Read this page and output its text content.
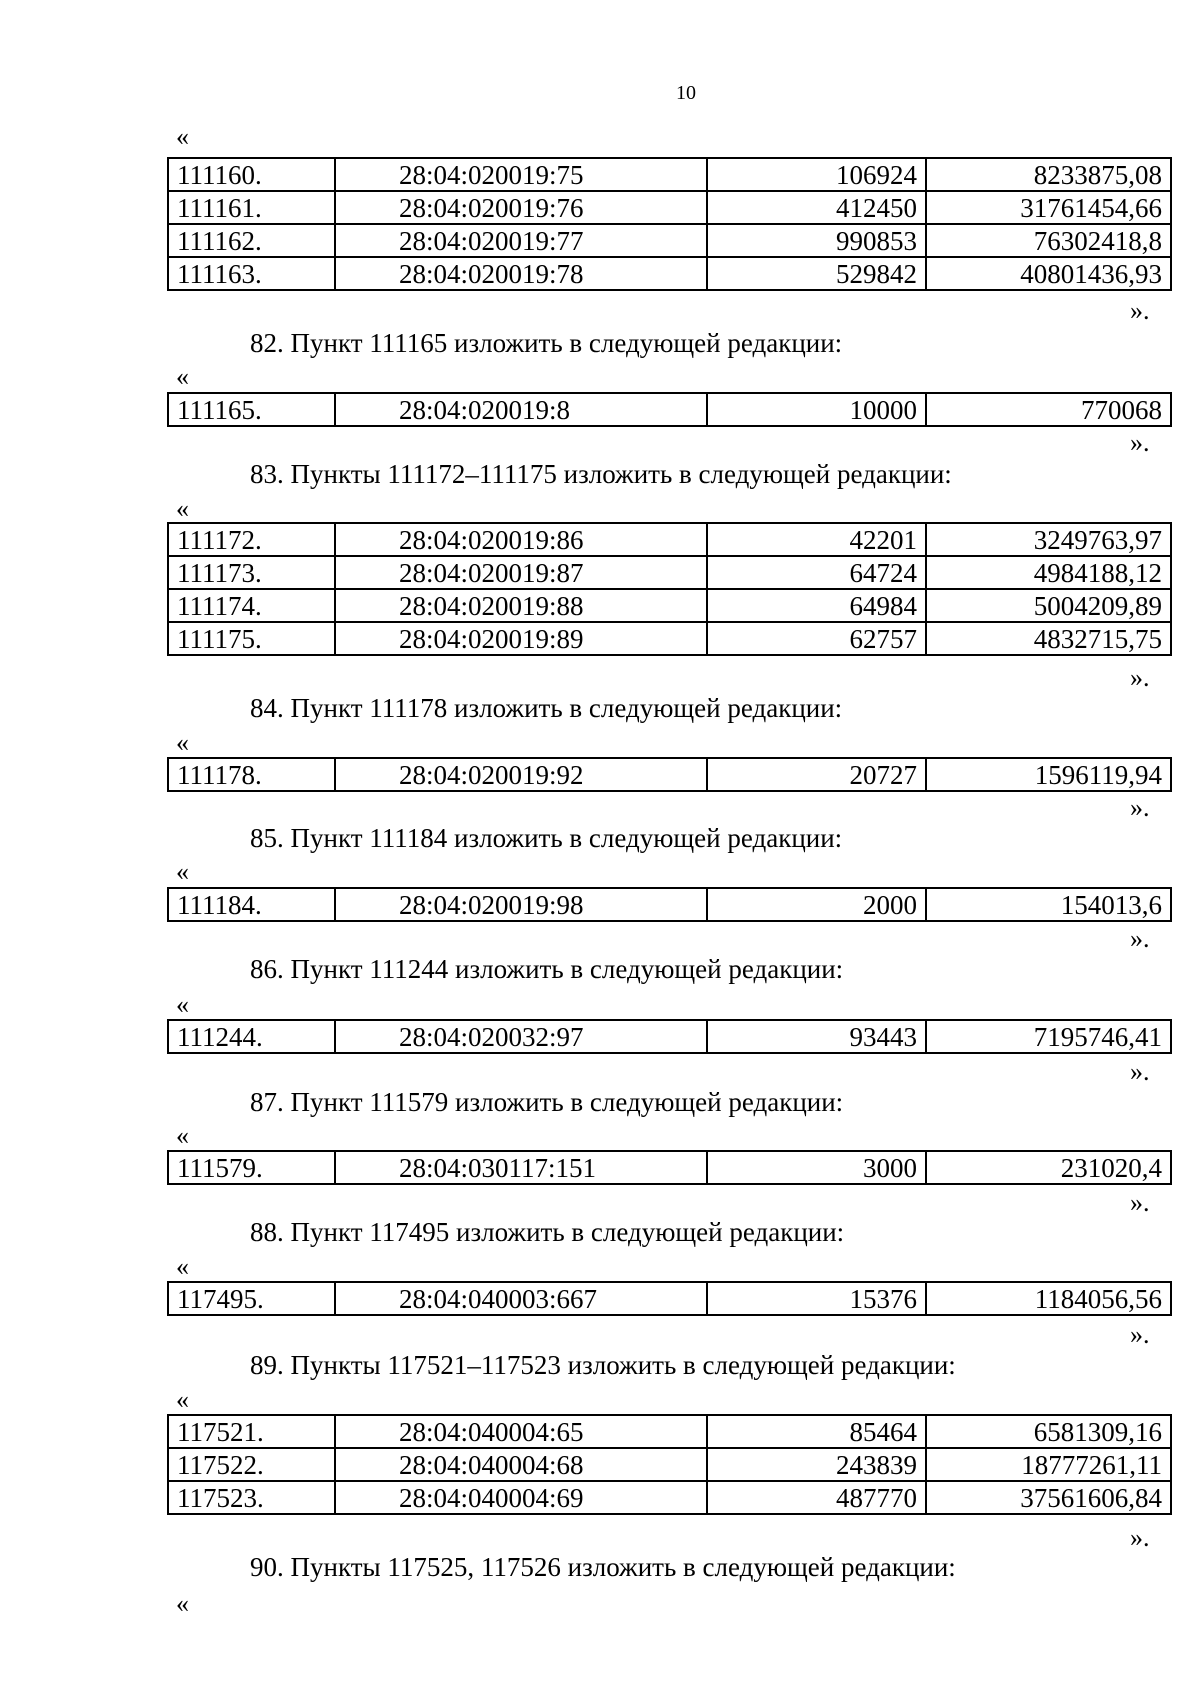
10
«
111160.	28:04:020019:75	106924	8233875,08
111161.	28:04:020019:76	412450	31761454,66
111162.	28:04:020019:77	990853	76302418,8
111163.	28:04:020019:78	529842	40801436,93
».
82. Пункт 111165 изложить в следующей редакции:
«
111165.	28:04:020019:8	10000	770068
».
83. Пункты 111172–111175 изложить в следующей редакции:
«
111172.	28:04:020019:86	42201	3249763,97
111173.	28:04:020019:87	64724	4984188,12
111174.	28:04:020019:88	64984	5004209,89
111175.	28:04:020019:89	62757	4832715,75
».
84. Пункт 111178 изложить в следующей редакции:
«
111178.	28:04:020019:92	20727	1596119,94
».
85. Пункт 111184 изложить в следующей редакции:
«
111184.	28:04:020019:98	2000	154013,6
».
86. Пункт 111244 изложить в следующей редакции:
«
111244.	28:04:020032:97	93443	7195746,41
».
87. Пункт 111579 изложить в следующей редакции:
«
111579.	28:04:030117:151	3000	231020,4
».
88. Пункт 117495 изложить в следующей редакции:
«
117495.	28:04:040003:667	15376	1184056,56
».
89. Пункты 117521–117523 изложить в следующей редакции:
«
117521.	28:04:040004:65	85464	6581309,16
117522.	28:04:040004:68	243839	18777261,11
117523.	28:04:040004:69	487770	37561606,84
».
90. Пункты 117525, 117526 изложить в следующей редакции:
«
